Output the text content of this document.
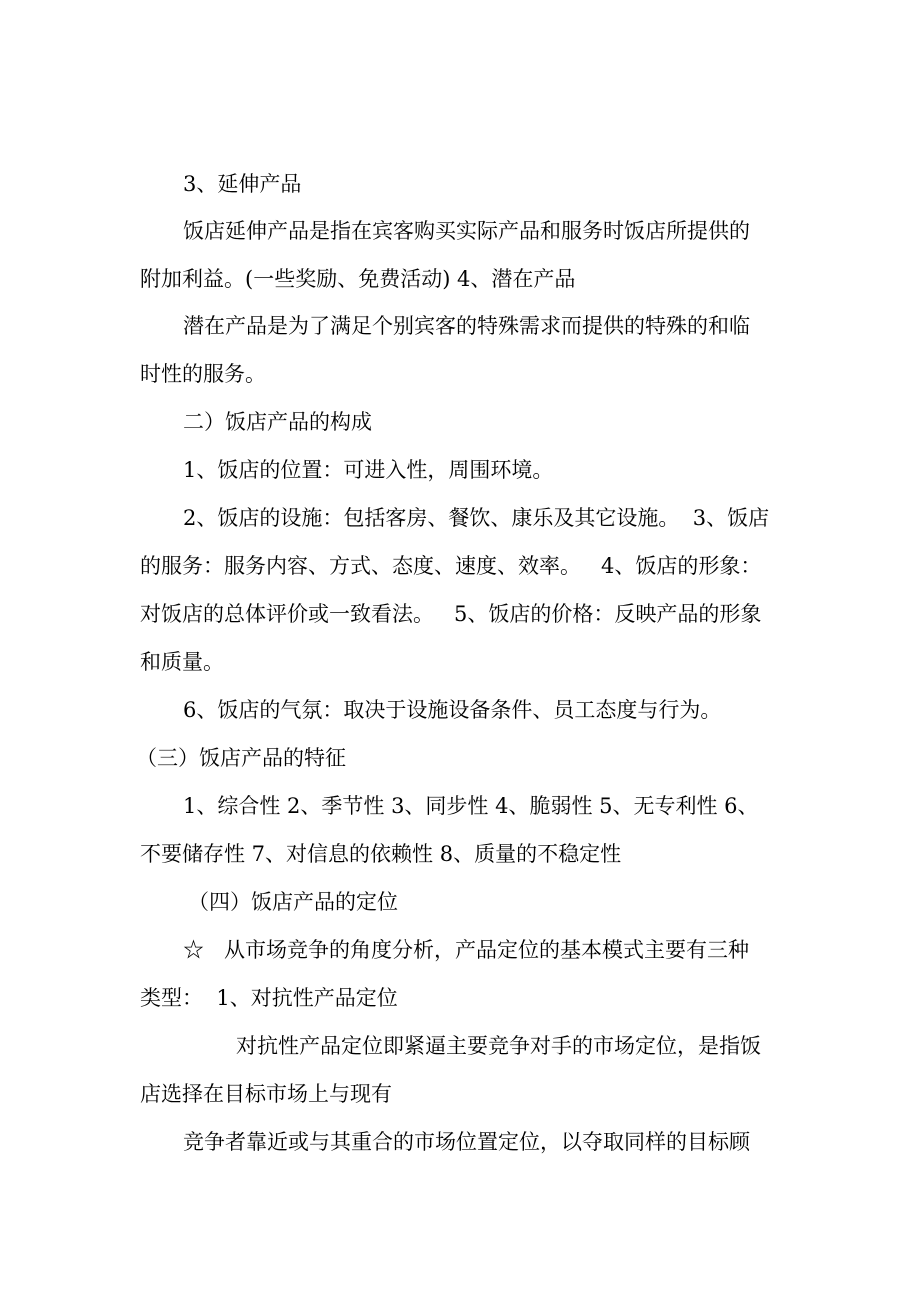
3、延伸产品
饭店延伸产品是指在宾客购买实际产品和服务时饭店所提供的
附加利益。(一些奖励、免费活动) 4、潜在产品
潜在产品是为了满足个别宾客的特殊需求而提供的特殊的和临
时性的服务。
二）饭店产品的构成
1、饭店的位置：可进入性，周围环境。
2、饭店的设施：包括客房、餐饮、康乐及其它设施。  3、饭店
的服务：服务内容、方式、态度、速度、效率。   4、饭店的形象：
对饭店的总体评价或一致看法。   5、饭店的价格：反映产品的形象
和质量。
6、饭店的气氛：取决于设施设备条件、员工态度与行为。
（三）饭店产品的特征
1、综合性 2、季节性 3、同步性 4、脆弱性 5、无专利性 6、
不要储存性 7、对信息的依赖性 8、质量的不稳定性
（四）饭店产品的定位
☆   从市场竞争的角度分析，产品定位的基本模式主要有三种
类型：  1、对抗性产品定位
对抗性产品定位即紧逼主要竞争对手的市场定位，是指饭
店选择在目标市场上与现有
竞争者靠近或与其重合的市场位置定位，以夺取同样的目标顾
